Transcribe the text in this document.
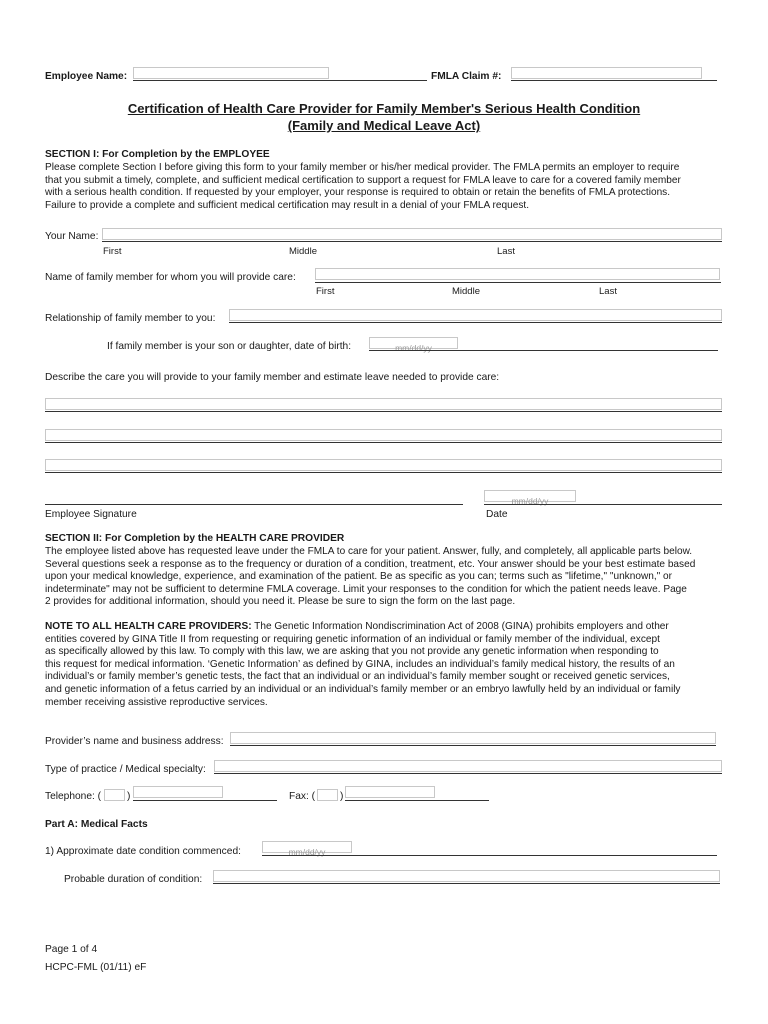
Employee Name:	FMLA Claim #:
Certification of Health Care Provider for Family Member's Serious Health Condition
(Family and Medical Leave Act)
SECTION I: For Completion by the EMPLOYEE
Please complete Section I before giving this form to your family member or his/her medical provider. The FMLA permits an employer to require
that you submit a timely, complete, and sufficient medical certification to support a request for FMLA leave to care for a covered family member
with a serious health condition. If requested by your employer, your response is required to obtain or retain the benefits of FMLA protections.
Failure to provide a complete and sufficient medical certification may result in a denial of your FMLA request.
Your Name:
First	Middle	Last
Name of family member for whom you will provide care:
First	Middle	Last
Relationship of family member to you:
If family member is your son or daughter, date of birth:
mm/dd/yy
Describe the care you will provide to your family member and estimate leave needed to provide care:
Employee Signature
mm/dd/yy	Date
SECTION II: For Completion by the HEALTH CARE PROVIDER
The employee listed above has requested leave under the FMLA to care for your patient. Answer, fully, and completely, all applicable parts below.
Several questions seek a response as to the frequency or duration of a condition, treatment, etc. Your answer should be your best estimate based
upon your medical knowledge, experience, and examination of the patient. Be as specific as you can; terms such as "lifetime," "unknown," or
indeterminate" may not be sufficient to determine FMLA coverage. Limit your responses to the condition for which the patient needs leave. Page
2 provides for additional information, should you need it. Please be sure to sign the form on the last page.
NOTE TO ALL HEALTH CARE PROVIDERS: The Genetic Information Nondiscrimination Act of 2008 (GINA) prohibits employers and other
entities covered by GINA Title II from requesting or requiring genetic information of an individual or family member of the individual, except
as specifically allowed by this law. To comply with this law, we are asking that you not provide any genetic information when responding to
this request for medical information. ‘Genetic Information’ as defined by GINA, includes an individual’s family medical history, the results of an
individual’s or family member’s genetic tests, the fact that an individual or an individual’s family member sought or received genetic services,
and genetic information of a fetus carried by an individual or an individual’s family member or an embryo lawfully held by an individual or family
member receiving assistive reproductive services.
Provider’s name and business address:
Type of practice / Medical specialty:
Telephone: (	)	Fax: ( )
Part A: Medical Facts
1) Approximate date condition commenced:
mm/dd/yy
Probable duration of condition:
Page 1 of 4
HCPC-FML (01/11) eF
